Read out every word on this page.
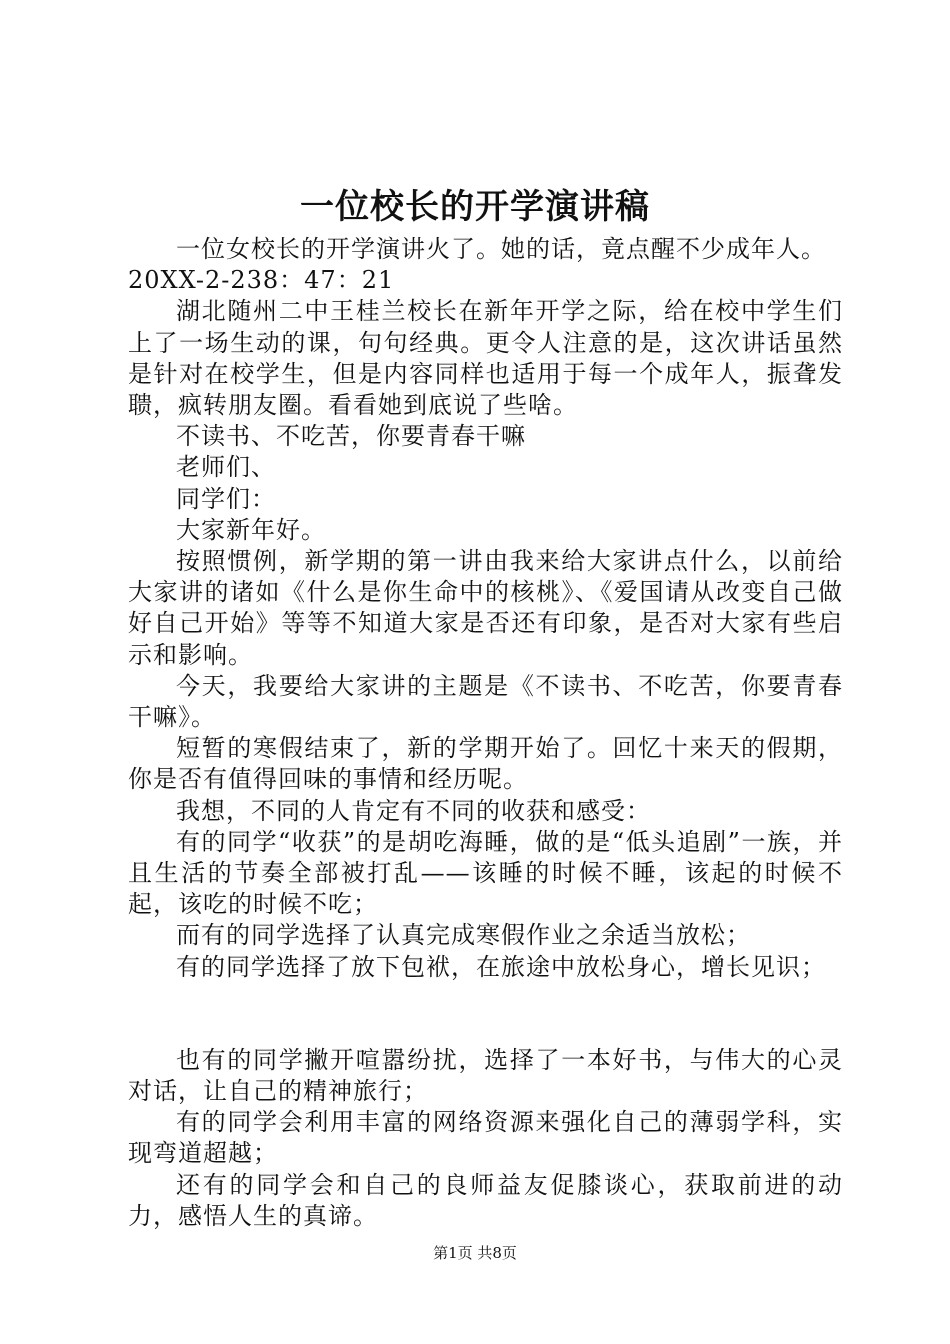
一位校长的开学演讲稿

一位女校长的开学演讲火了。她的话，竟点醒不少成年人。

20XX-2-238：47：21

湖北随州二中王桂兰校长在新年开学之际，给在校中学生们上了一场生动的课，句句经典。更令人注意的是，这次讲话虽然是针对在校学生，但是内容同样也适用于每一个成年人，振聋发聩，疯转朋友圈。看看她到底说了些啥。

不读书、不吃苦，你要青春干嘛

老师们、

同学们：

大家新年好。

按照惯例，新学期的第一讲由我来给大家讲点什么，以前给大家讲的诸如《什么是你生命中的核桃》、《爱国请从改变自己做好自己开始》等等不知道大家是否还有印象，是否对大家有些启示和影响。

今天，我要给大家讲的主题是《不读书、不吃苦，你要青春干嘛》。

短暂的寒假结束了，新的学期开始了。回忆十来天的假期，你是否有值得回味的事情和经历呢。

我想，不同的人肯定有不同的收获和感受：

有的同学“收获”的是胡吃海睡，做的是“低头追剧”一族，并且生活的节奏全部被打乱——该睡的时候不睡，该起的时候不起，该吃的时候不吃；

而有的同学选择了认真完成寒假作业之余适当放松；

有的同学选择了放下包袱，在旅途中放松身心，增长见识；

也有的同学撇开喧嚣纷扰，选择了一本好书，与伟大的心灵对话，让自己的精神旅行；

有的同学会利用丰富的网络资源来强化自己的薄弱学科，实现弯道超越；

还有的同学会和自己的良师益友促膝谈心，获取前进的动力，感悟人生的真谛。

第1页 共8页
